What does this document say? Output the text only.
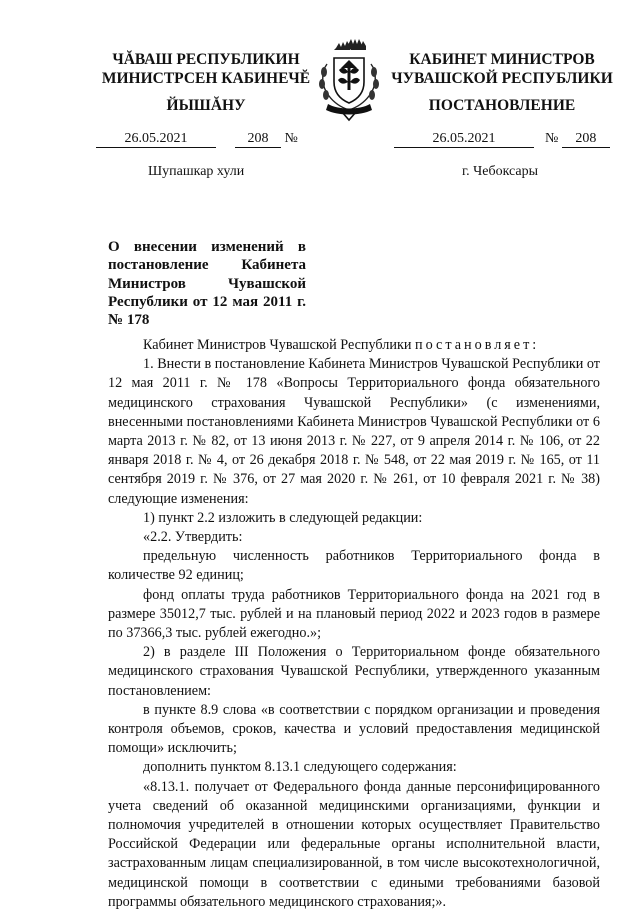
ЧĂВАШ РЕСПУБЛИКИН
МИНИСТРСЕН КАБИНЕЧĔ
ЙЫШĂНУ
КАБИНЕТ МИНИСТРОВ
ЧУВАШСКОЙ РЕСПУБЛИКИ
ПОСТАНОВЛЕНИЕ
26.05.2021	208 №	26.05.2021	№ 208
Шупашкар хули	г. Чебоксары
О внесении изменений в постановление Кабинета Министров Чувашской Республики от 12 мая 2011 г. № 178

Кабинет Министров Чувашской Республики постановляет:

1. Внести в постановление Кабинета Министров Чувашской Республики от 12 мая 2011 г. № 178 «Вопросы Территориального фонда обязательного медицинского страхования Чувашской Республики» (с изменениями, внесенными постановлениями Кабинета Министров Чувашской Республики от 6 марта 2013 г. № 82, от 13 июня 2013 г. № 227, от 9 апреля 2014 г. № 106, от 22 января 2018 г. № 4, от 26 декабря 2018 г. № 548, от 22 мая 2019 г. № 165, от 11 сентября 2019 г. № 376, от 27 мая 2020 г. № 261, от 10 февраля 2021 г. № 38) следующие изменения:

1) пункт 2.2 изложить в следующей редакции:

«2.2. Утвердить:

предельную численность работников Территориального фонда в количестве 92 единиц;

фонд оплаты труда работников Территориального фонда на 2021 год в размере 35012,7 тыс. рублей и на плановый период 2022 и 2023 годов в размере по 37366,3 тыс. рублей ежегодно.»;

2) в разделе III Положения о Территориальном фонде обязательного медицинского страхования Чувашской Республики, утвержденного указанным постановлением:

в пункте 8.9 слова «в соответствии с порядком организации и проведения контроля объемов, сроков, качества и условий предоставления медицинской помощи» исключить;

дополнить пунктом 8.13.1 следующего содержания:

«8.13.1. получает от Федерального фонда данные персонифицированного учета сведений об оказанной медицинскими организациями, функции и полномочия учредителей в отношении которых осуществляет Правительство Российской Федерации или федеральные органы исполнительной власти, застрахованным лицам специализированной, в том числе высокотехнологичной, медицинской помощи в соответствии с едиными требованиями базовой программы обязательного медицинского страхования;».
